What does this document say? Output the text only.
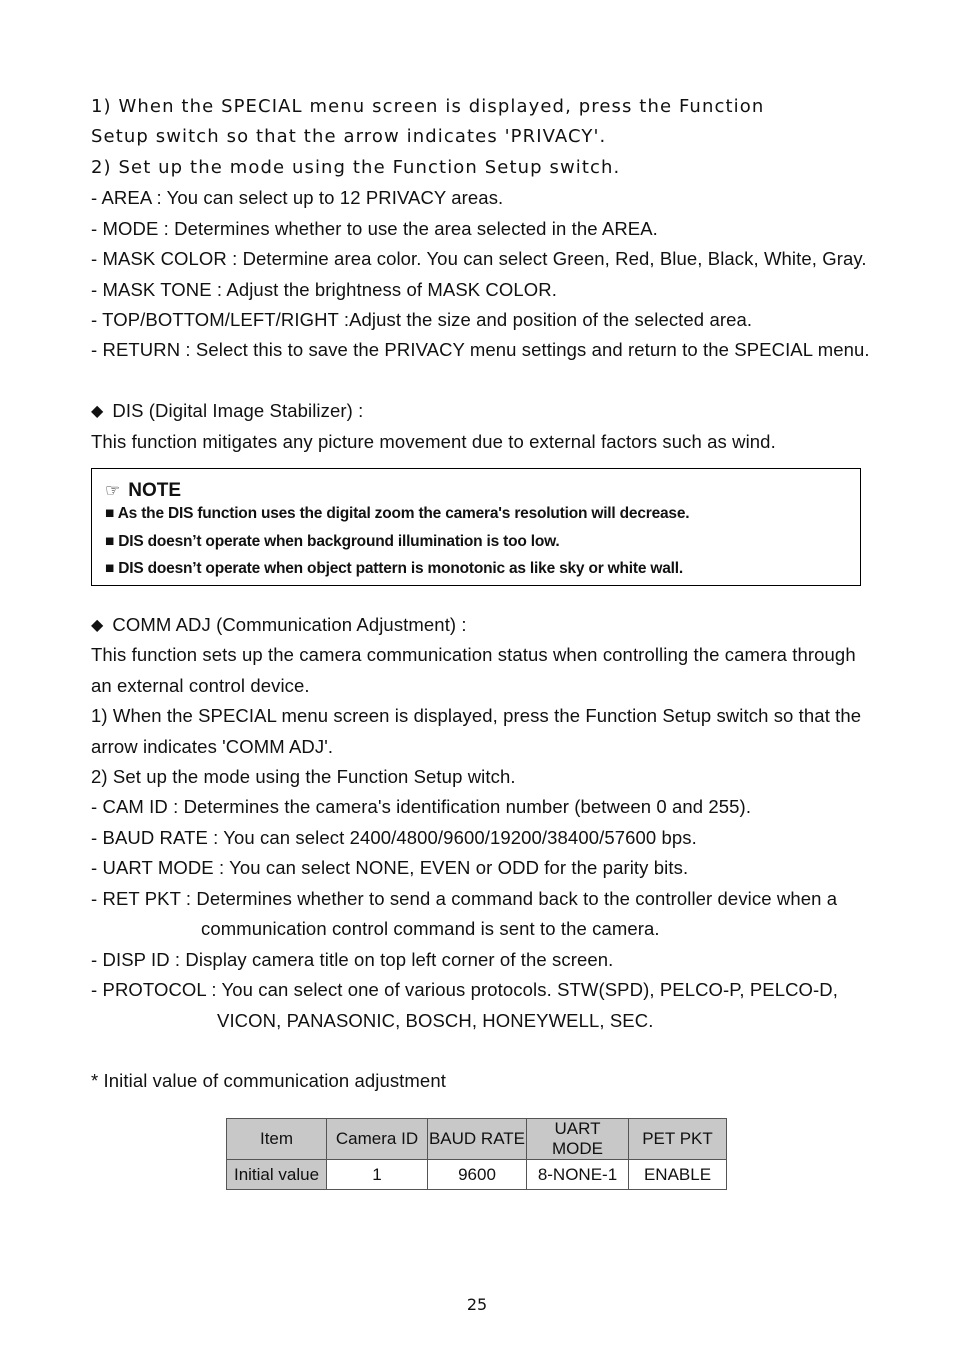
1) When the SPECIAL menu screen is displayed, press the Function
Setup switch so that the arrow indicates 'PRIVACY'.
2) Set up the mode using the Function Setup switch.
- AREA : You can select up to 12 PRIVACY areas.
- MODE : Determines whether to use the area selected in the AREA.
- MASK COLOR : Determine area color. You can select Green, Red, Blue, Black, White, Gray.
- MASK TONE : Adjust the brightness of MASK COLOR.
- TOP/BOTTOM/LEFT/RIGHT :Adjust the size and position of the selected area.
- RETURN : Select this to save the PRIVACY menu settings and return to the SPECIAL menu.
◆ DIS (Digital Image Stabilizer) :
This function mitigates any picture movement due to external factors such as wind.
☞ NOTE
■ As the DIS function uses the digital zoom the camera's resolution will decrease.
■ DIS doesn’t operate when background illumination is too low.
■ DIS doesn’t operate when object pattern is monotonic as like sky or white wall.
◆ COMM ADJ (Communication Adjustment) :
This function sets up the camera communication status when controlling the camera through
an external control device.
1) When the SPECIAL menu screen is displayed, press the Function Setup switch so that the
arrow indicates 'COMM ADJ'.
2) Set up the mode using the Function Setup witch.
- CAM ID : Determines the camera's identification number (between 0 and 255).
- BAUD RATE : You can select 2400/4800/9600/19200/38400/57600 bps.
- UART MODE : You can select NONE, EVEN or ODD for the parity bits.
- RET PKT : Determines whether to send a command back to the controller device when a
communication control command is sent to the camera.
- DISP ID : Display camera title on top left corner of the screen.
- PROTOCOL : You can select one of various protocols. STW(SPD), PELCO-P, PELCO-D,
VICON, PANASONIC, BOSCH, HONEYWELL, SEC.
* Initial value of communication adjustment
Item	Camera ID	BAUD RATE	UART MODE	PET PKT
Initial value	1	9600	8-NONE-1	ENABLE
25
